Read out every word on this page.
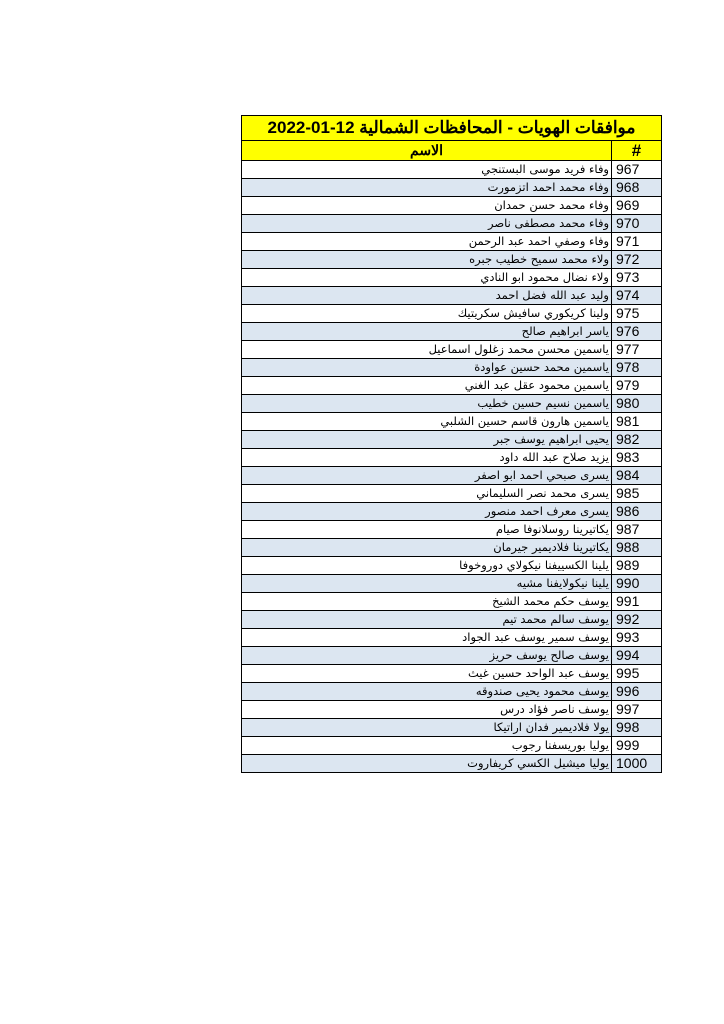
موافقات الهويات - المحافظات الشمالية 12-01-2022	
#	الاسم
967	وفاء فريد موسى البستنجي
968	وفاء محمد احمد اتزمورت
969	وفاء محمد حسن حمدان
970	وفاء محمد مصطفى ناصر
971	وفاء وصفي احمد عبد الرحمن
972	ولاء محمد سميح خطيب جبره
973	ولاء نضال محمود ابو النادي
974	وليد عبد الله فضل احمد
975	ولينا كريكوري سافيش سكريتيك
976	ياسر ابراهيم صالح
977	ياسمين محسن محمد زغلول اسماعيل
978	ياسمين محمد حسين عواودة
979	ياسمين محمود عقل عبد الغني
980	ياسمين نسيم حسين خطيب
981	ياسمين هارون قاسم حسين الشلبي
982	يحيى ابراهيم يوسف جبر
983	يزيد صلاح عبد الله داود
984	يسرى صبحي احمد ابو اصفر
985	يسرى محمد نصر السليماني
986	يسرى معرف احمد منصور
987	يكاتيرينا روسلانوفا صيام
988	يكاتيرينا فلاديمير جيرمان
989	يلينا الكسييفنا نيكولاي دوروخوفا
990	يلينا نيكولايفنا مشيه
991	يوسف حكم محمد الشيخ
992	يوسف سالم محمد تيم
993	يوسف سمير يوسف عبد الجواد
994	يوسف صالح يوسف حريز
995	يوسف عبد الواحد حسين غيث
996	يوسف محمود يحيى صندوقه
997	يوسف ناصر فؤاد درس
998	يولا فلاديمير فدان اراتيكا
999	يوليا بوريسفنا رجوب
1000	يوليا ميشيل الكسي كريفاروت
